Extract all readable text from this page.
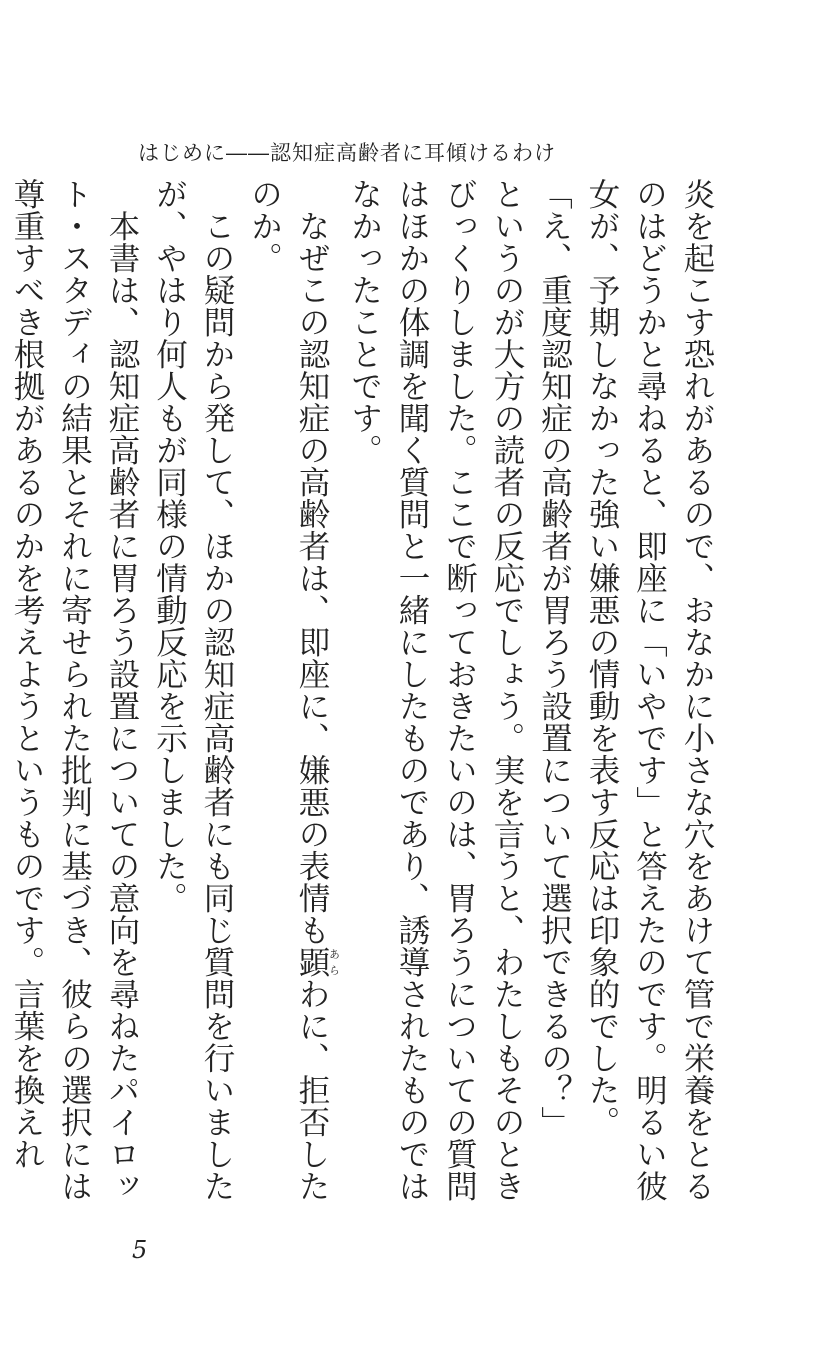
はじめに――認知症高齢者に耳傾けるわけ

炎を起こす恐れがあるので、おなかに小さな穴をあけて管で栄養をとるのはどうかと尋ねると、即座に「いやです」と答えたのです。明るい彼女が、予期しなかった強い嫌悪の情動を表す反応は印象的でした。

「え、重度認知症の高齢者が胃ろう設置について選択できるの？」

というのが大方の読者の反応でしょう。実を言うと、わたしもそのときびっくりしました。ここで断っておきたいのは、胃ろうについての質問はほかの体調を聞く質問と一緒にしたものであり、誘導されたものではなかったことです。

なぜこの認知症の高齢者は、即座に、嫌悪の表情も顕あらわに、拒否したのか。

この疑問から発して、ほかの認知症高齢者にも同じ質問を行いましたが、やはり何人もが同様の情動反応を示しました。

本書は、認知症高齢者に胃ろう設置についての意向を尋ねたパイロット・スタディの結果とそれに寄せられた批判に基づき、彼らの選択には尊重すべき根拠があるのかを考えようというものです。言葉を換えれ

5
